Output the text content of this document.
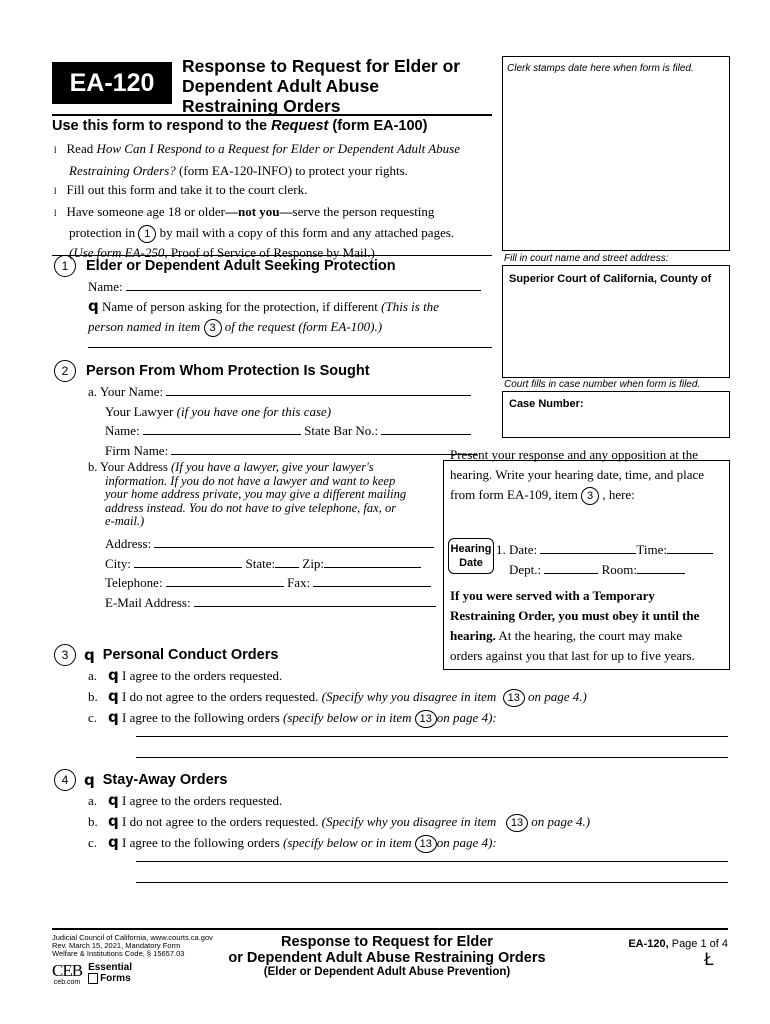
EA-120
Response to Request for Elder or
Dependent Adult Abuse
Restraining Orders
Clerk stamps date here when form is filed.
Fill in court name and street address:
Superior Court of California, County of
Court fills in case number when form is filed.
Case Number:
Use this form to respond to the Request (form EA-100)
l Read How Can I Respond to a Request for Elder or Dependent Adult Abuse
Restraining Orders? (form EA-120-INFO) to protect your rights.
l Fill out this form and take it to the court clerk.
l Have someone age 18 or older—not you—serve the person requesting
protection in 1 by mail with a copy of this form and any attached pages.
(Use form EA-250, Proof of Service of Response by Mail.)
1	Elder or Dependent Adult Seeking Protection
Name:
q Name of person asking for the protection, if different (This is the
person named in item 3 of the request (form EA-100).)
2	Person From Whom Protection Is Sought
a. Your Name:
Your Lawyer (if you have one for this case)
Name:	State Bar No.:
Firm Name:
b. Your Address (If you have a lawyer, give your lawyer's
information. If you do not have a lawyer and want to keep
your home address private, you may give a different mailing
address instead. You do not have to give telephone, fax, or
e-mail.)
Address:
City:	State: Zip:
Telephone:	Fax:
E-Mail Address:
Present your response and any opposition at the
hearing. Write your hearing date, time, and place
from form EA-109, item 3 , here:
Hearing
Date
1. Date:	Time:
Dept.:	Room:
If you were served with a Temporary
Restraining Order, you must obey it until the
hearing. At the hearing, the court may make
orders against you that last for up to five years.
3	q Personal Conduct Orders
a. q I agree to the orders requested.
b. q I do not agree to the orders requested. (Specify why you disagree in item 13 on page 4.)
c. q I agree to the following orders (specify below or in item 13 on page 4):
4	q Stay-Away Orders
a. q I agree to the orders requested.
b. q I do not agree to the orders requested. (Specify why you disagree in item 13 on page 4.)
c. q I agree to the following orders (specify below or in item 13 on page 4):
Judicial Council of California, www.courts.ca.gov
Rev. March 15, 2021, Mandatory Form
Welfare & Institutions Code, § 15657.03
CEB
ceb.com
Essential
Forms
Response to Request for Elder
or Dependent Adult Abuse Restraining Orders
(Elder or Dependent Adult Abuse Prevention)
EA-120, Page 1 of 4
Ł
